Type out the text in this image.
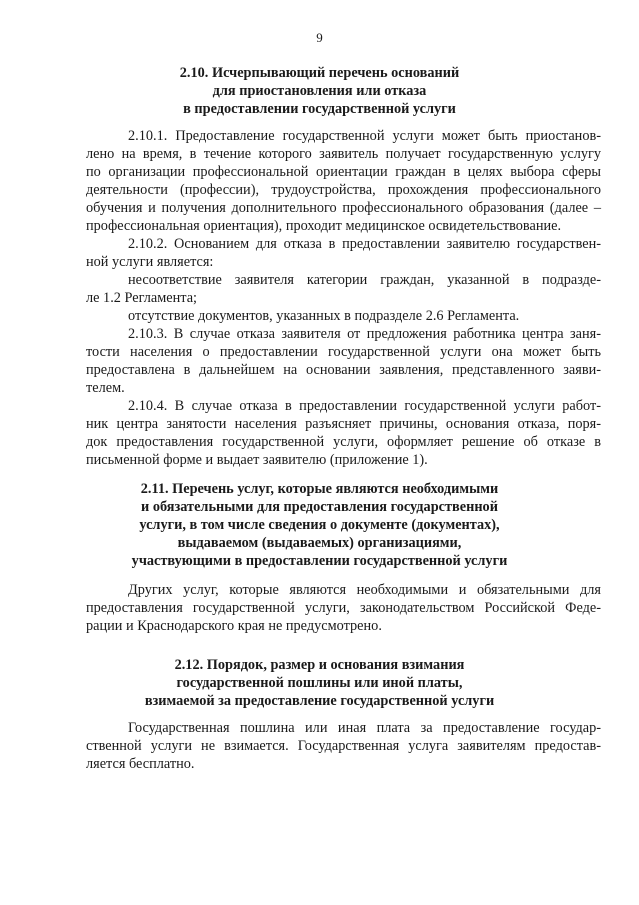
9
2.10. Исчерпывающий перечень оснований
для приостановления или отказа
в предоставлении государственной услуги
2.10.1. Предоставление государственной услуги может быть приостанов-
лено на время, в течение которого заявитель получает государственную услугу
по организации профессиональной ориентации граждан в целях выбора сферы
деятельности (профессии), трудоустройства, прохождения профессионального
обучения и получения дополнительного профессионального образования (далее –
профессиональная ориентация), проходит медицинское освидетельствование.
2.10.2. Основанием для отказа в предоставлении заявителю государствен-
ной услуги является:
несоответствие заявителя категории граждан, указанной в подразде-
ле 1.2 Регламента;
отсутствие документов, указанных в подразделе 2.6 Регламента.
2.10.3. В случае отказа заявителя от предложения работника центра заня-
тости населения о предоставлении государственной услуги она может быть
предоставлена в дальнейшем на основании заявления, представленного заяви-
телем.
2.10.4. В случае отказа в предоставлении государственной услуги работ-
ник центра занятости населения разъясняет причины, основания отказа, поря-
док предоставления государственной услуги, оформляет решение об отказе в
письменной форме и выдает заявителю (приложение 1).
2.11. Перечень услуг, которые являются необходимыми
и обязательными для предоставления государственной
услуги, в том числе сведения о документе (документах),
выдаваемом (выдаваемых) организациями,
участвующими в предоставлении государственной услуги
Других услуг, которые являются необходимыми и обязательными для
предоставления государственной услуги, законодательством Российской Феде-
рации и Краснодарского края не предусмотрено.
2.12. Порядок, размер и основания взимания
государственной пошлины или иной платы,
взимаемой за предоставление государственной услуги
Государственная пошлина или иная плата за предоставление государ-
ственной услуги не взимается. Государственная услуга заявителям предостав-
ляется бесплатно.
